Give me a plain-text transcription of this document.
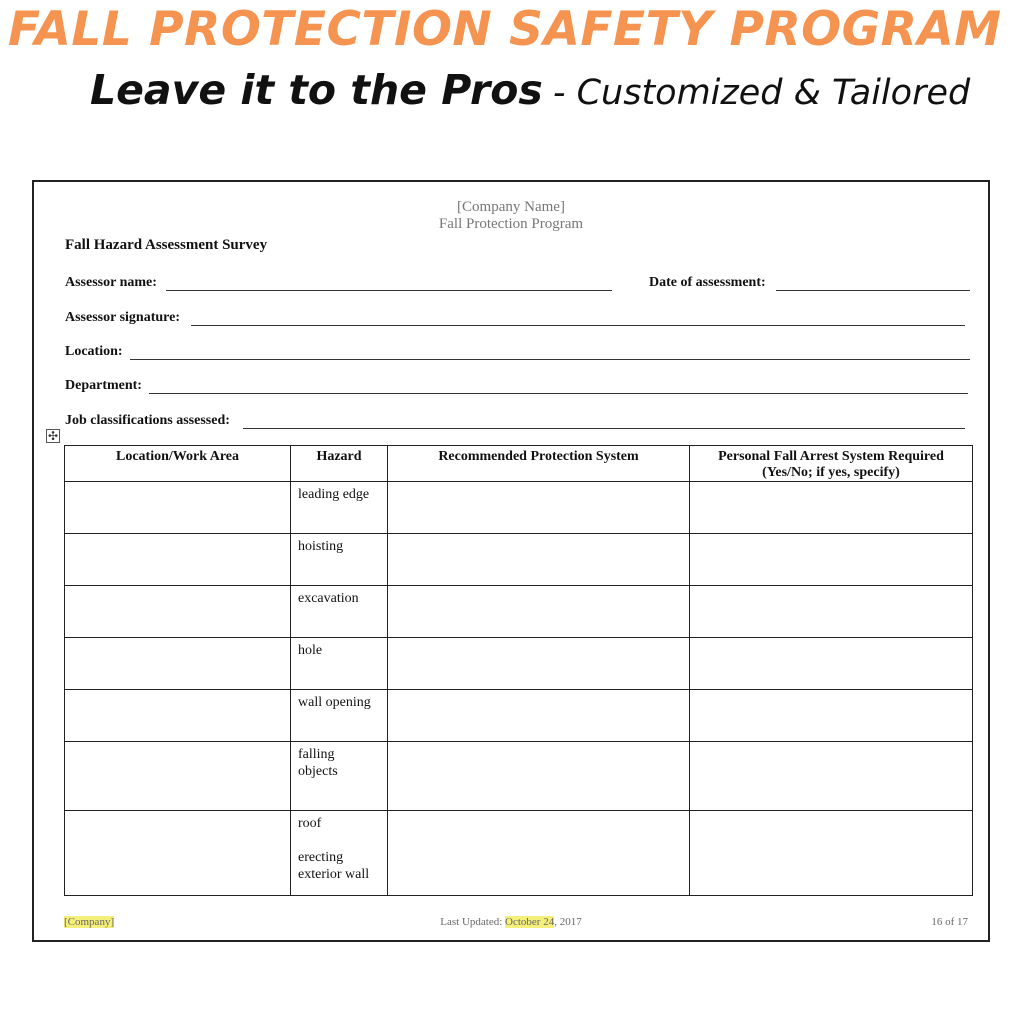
FALL PROTECTION SAFETY PROGRAM
Leave it to the Pros - Customized & Tailored
[Company Name]
Fall Protection Program
Fall Hazard Assessment Survey
Assessor name:	Date of assessment:
Assessor signature:
Location:
Department:
Job classifications assessed:
✣
Location/Work Area	Hazard	Recommended Protection System	Personal Fall Arrest System Required
(Yes/No; if yes, specify)

	leading edge		

	hoisting		

	excavation		

	hole		

	wall opening		

	falling
objects		

	roof
erecting
exterior wall		

[Company]	Last Updated: October 24, 2017	16 of 17
